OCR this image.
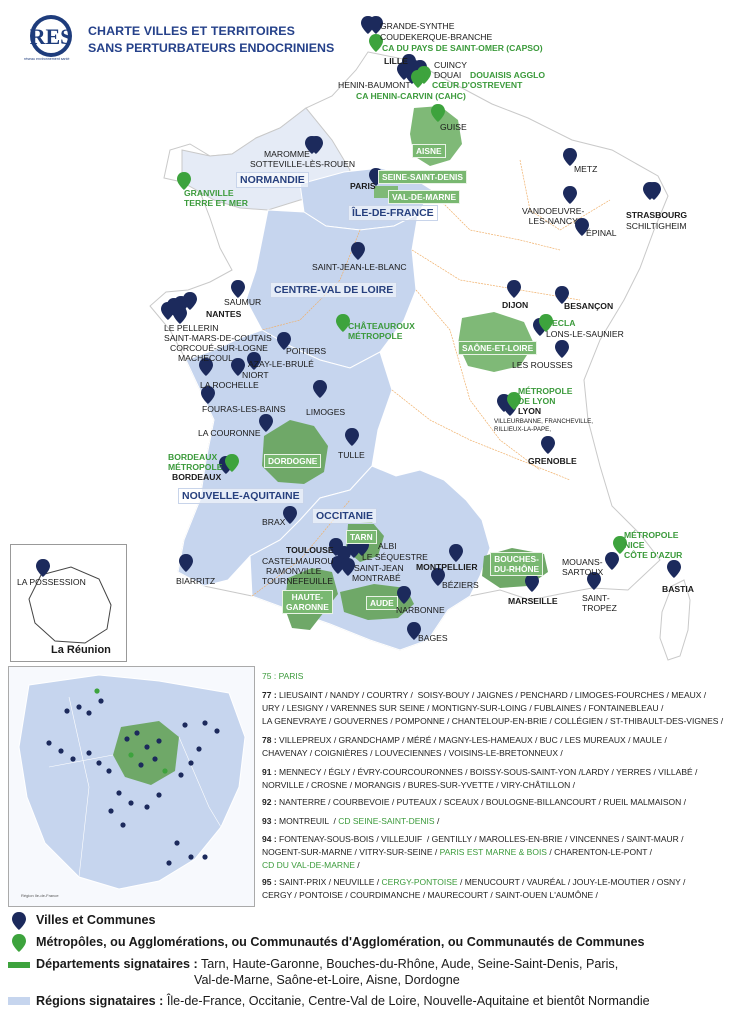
RES
réseau environnement santé
CHARTE VILLES ET TERRITOIRES
SANS PERTURBATEURS ENDOCRINIENS
NORMANDIE
ÎLE-DE-FRANCE
CENTRE-VAL DE LOIRE
NOUVELLE-AQUITAINE
OCCITANIE
AISNE
SEINE-SAINT-DENIS
VAL-DE-MARNE
SAÔNE-ET-LOIRE
DORDOGNE
TARN
HAUTE-
GARONNE	AUDE
BOUCHES-
DU-RHÔNE
GRANDE-SYNTHE
COUDEKERQUE-BRANCHE
CA DU PAYS DE SAINT-OMER (CAPSO)
LILLE	CUINCY
DOUAI DOUAISIS AGGLO
HENIN-BAUMONT CŒUR D'OSTREVENT
CA HENIN-CARVIN (CAHC)
GUISE
MAROMME
SOTTEVILLE-LÈS-ROUEN
GRANVILLE
TERRE ET MER
PARIS
METZ
VANDOEUVRE-
LES-NANCY
ÉPINAL
STRASBOURG
SCHILTIGHEIM
SAINT-JEAN-LE-BLANC
SAUMUR
NANTES
LE PELLERIN
SAINT-MARS-DE-COUTAIS
CORCOUÉ-SUR-LOGNE
MACHECOUL
CHÂTEAUROUX
MÉTROPOLE
POITIERS
AZAY-LE-BRULÉ
NIORT
LA ROCHELLE
FOURAS-LES-BAINS
LA COURONNE
LIMOGES
TULLE
BORDEAUX
MÉTROPOLE
BORDEAUX
BRAX
DIJON	BESANÇON
ECLA
LONS-LE-SAUNIER
LES ROUSSES
MÉTROPOLE
DE LYON
LYON
VILLEURBANNE, FRANCHEVILLE,
RILLIEUX-LA-PAPE,
GRENOBLE
TOULOUSE
CASTELMAUROU
RAMONVILLE
TOURNEFEUILLE
ALBI
LE SÉQUESTRE
SAINT-JEAN
MONTRABÉ
MONTPELLIER
BÉZIERS
NARBONNE
BAGES
BIARRITZ
MARSEILLE	SAINT-
TROPEZ
MOUANS-
SARTOUX
MÉTROPOLE
NICE
CÔTE D'AZUR
BASTIA
LA POSSESSION
La Réunion
Région Ile-de-France
75 : PARIS
77 : LIEUSAINT / NANDY / COURTRY /  SOISY-BOUY / JAIGNES / PENCHARD / LIMOGES-FOURCHES / MEAUX /
URY / LESIGNY / VARENNES SUR SEINE / MONTIGNY-SUR-LOING / FUBLAINES / FONTAINEBLEAU /
LA GENEVRAYE / GOUVERNES / POMPONNE / CHANTELOUP-EN-BRIE / COLLÉGIEN / ST-THIBAULT-DES-VIGNES /
78 : VILLEPREUX / GRANDCHAMP / MÉRÉ / MAGNY-LES-HAMEAUX / BUC / LES MUREAUX / MAULE /
CHAVENAY / COIGNIÈRES / LOUVECIENNES / VOISINS-LE-BRETONNEUX /
91 : MENNECY / ÉGLY / ÉVRY-COURCOURONNES / BOISSY-SOUS-SAINT-YON /LARDY / YERRES / VILLABÉ /
NORVILLE / CROSNE / MORANGIS / BURES-SUR-YVETTE / VIRY-CHÂTILLON /
92 : NANTERRE / COURBEVOIE / PUTEAUX / SCEAUX / BOULOGNE-BILLANCOURT / RUEIL MALMAISON /
93 : MONTREUIL  / CD SEINE-SAINT-DENIS /
94 : FONTENAY-SOUS-BOIS / VILLEJUIF  / GENTILLY / MAROLLES-EN-BRIE / VINCENNES / SAINT-MAUR /
NOGENT-SUR-MARNE / VITRY-SUR-SEINE / PARIS EST MARNE & BOIS / CHARENTON-LE-PONT /
CD DU VAL-DE-MARNE /
95 : SAINT-PRIX / NEUVILLE / CERGY-PONTOISE / MENUCOURT / VAURÉAL / JOUY-LE-MOUTIER / OSNY /
CERGY / PONTOISE / COURDIMANCHE / MAURECOURT / SAINT-OUEN L'AUMÔNE /
Villes et Communes
Métropôles, ou Agglomérations, ou Communautés d'Agglomération, ou Communautés de Communes
Départements signataires : Tarn, Haute-Garonne, Bouches-du-Rhône, Aude, Seine-Saint-Denis, Paris,
Val-de-Marne, Saône-et-Loire, Aisne, Dordogne
Régions signataires : Île-de-France, Occitanie, Centre-Val de Loire, Nouvelle-Aquitaine et bientôt Normandie
